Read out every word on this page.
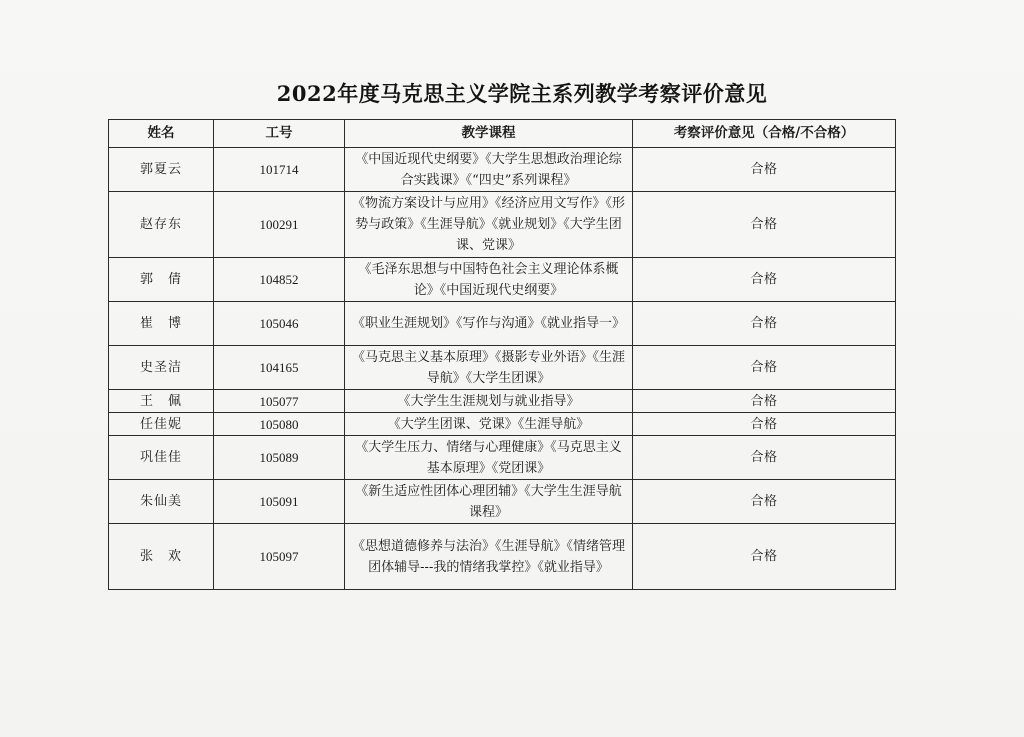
2022年度马克思主义学院主系列教学考察评价意见
姓名	工号	教学课程	考察评价意见（合格/不合格）
郭夏云	101714	《中国近现代史纲要》《大学生思想政治理论综合实践课》《“四史”系列课程》	合格
赵存东	100291	《物流方案设计与应用》《经济应用文写作》《形势与政策》《生涯导航》《就业规划》《大学生团课、党课》	合格
郭　倩	104852	《毛泽东思想与中国特色社会主义理论体系概论》《中国近现代史纲要》	合格
崔　博	105046	《职业生涯规划》《写作与沟通》《就业指导一》	合格
史圣洁	104165	《马克思主义基本原理》《摄影专业外语》《生涯导航》《大学生团课》	合格
王　佩	105077	《大学生生涯规划与就业指导》	合格
任佳妮	105080	《大学生团课、党课》《生涯导航》	合格
巩佳佳	105089	《大学生压力、情绪与心理健康》《马克思主义基本原理》《党团课》	合格
朱仙美	105091	《新生适应性团体心理团辅》《大学生生涯导航课程》	合格
张　欢	105097	《思想道德修养与法治》《生涯导航》《情绪管理团体辅导---我的情绪我掌控》《就业指导》	合格
